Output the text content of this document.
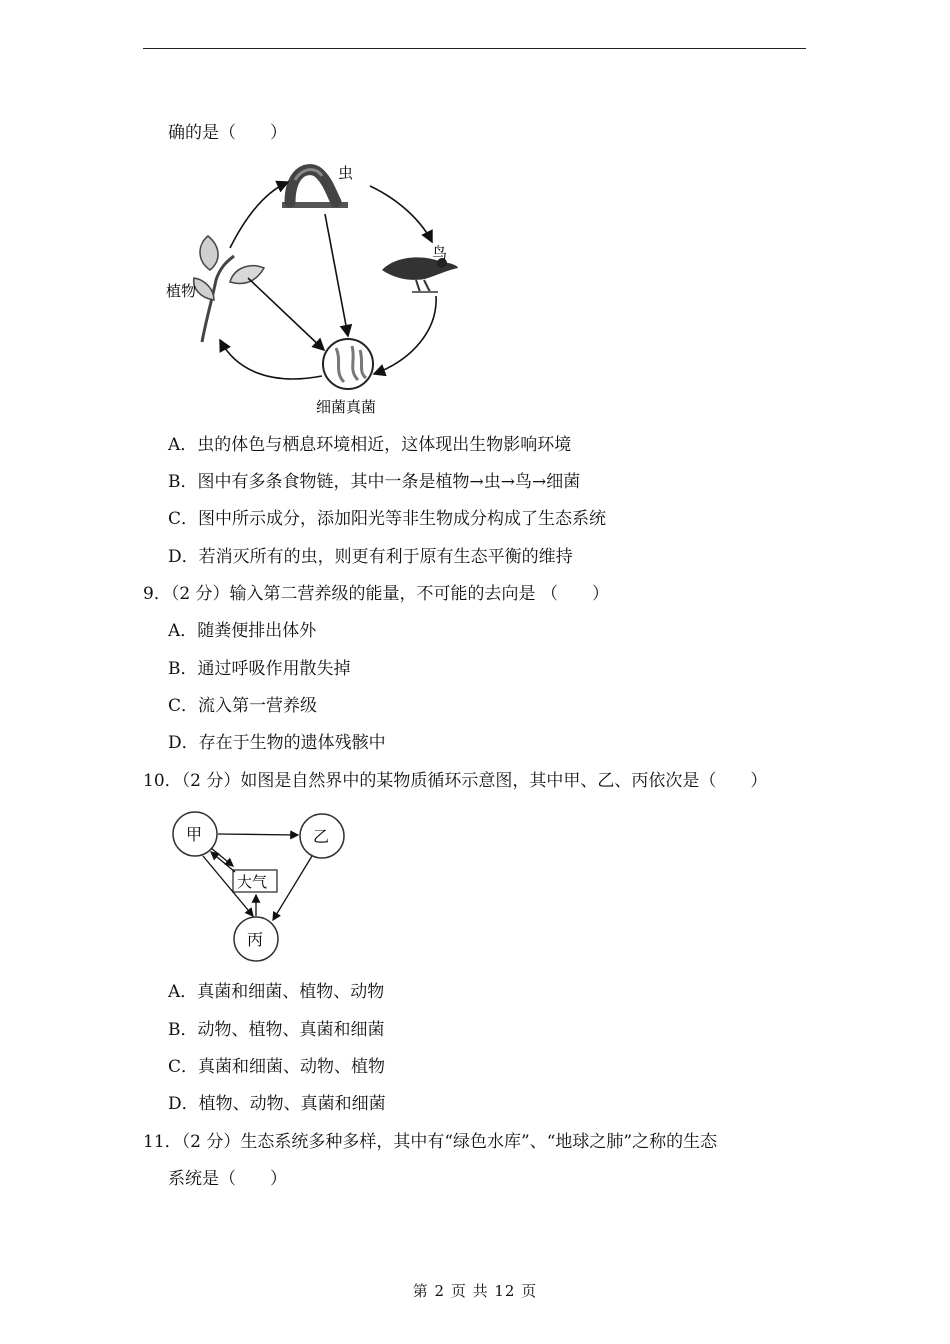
确的是（　　）
虫
鸟
植物
细菌真菌
A．虫的体色与栖息环境相近，这体现出生物影响环境
B．图中有多条食物链，其中一条是植物→虫→鸟→细菌
C．图中所示成分，添加阳光等非生物成分构成了生态系统
D．若消灭所有的虫，则更有利于原有生态平衡的维持
9．（2 分）输入第二营养级的能量，不可能的去向是 （　　）
A．随粪便排出体外
B．通过呼吸作用散失掉
C．流入第一营养级
D．存在于生物的遗体残骸中
10．（2 分）如图是自然界中的某物质循环示意图，其中甲、乙、丙依次是（　　）
甲	乙
丙
大气
A．真菌和细菌、植物、动物
B．动物、植物、真菌和细菌
C．真菌和细菌、动物、植物
D．植物、动物、真菌和细菌
11．（2 分）生态系统多种多样，其中有“绿色水库”、“地球之肺”之称的生态
系统是（　　）
第 2 页 共 12 页
